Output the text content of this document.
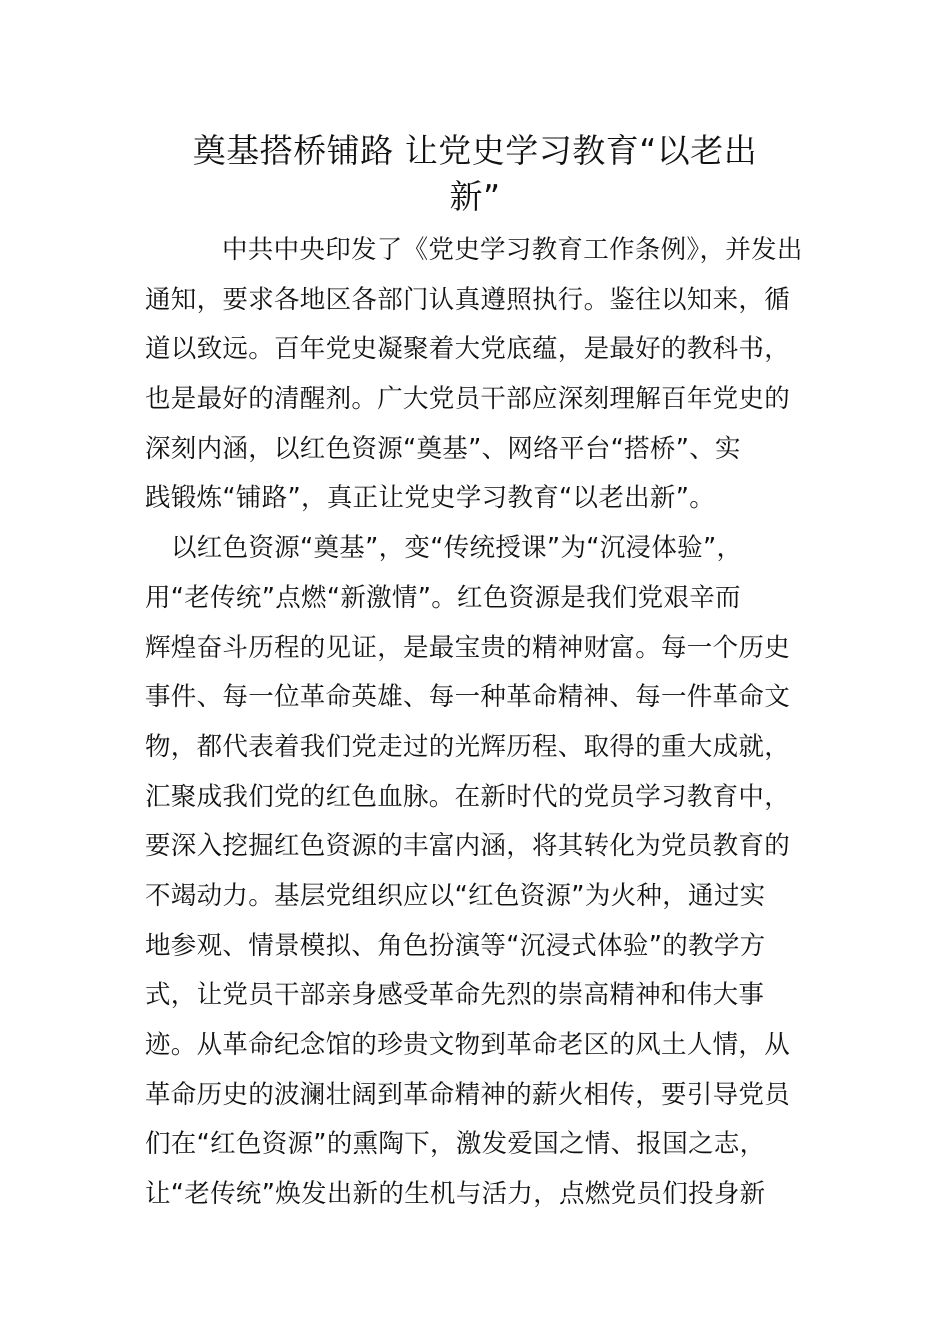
奠基搭桥铺路 让党史学习教育“以老出
新”
中共中央印发了《党史学习教育工作条例》，并发出
通知，要求各地区各部门认真遵照执行。鉴往以知来，循
道以致远。百年党史凝聚着大党底蕴，是最好的教科书，
也是最好的清醒剂。广大党员干部应深刻理解百年党史的
深刻内涵，以红色资源“奠基”、网络平台“搭桥”、实
践锻炼“铺路”，真正让党史学习教育“以老出新”。
以红色资源“奠基”，变“传统授课”为“沉浸体验”，
用“老传统”点燃“新激情”。红色资源是我们党艰辛而
辉煌奋斗历程的见证，是最宝贵的精神财富。每一个历史
事件、每一位革命英雄、每一种革命精神、每一件革命文
物，都代表着我们党走过的光辉历程、取得的重大成就，
汇聚成我们党的红色血脉。在新时代的党员学习教育中，
要深入挖掘红色资源的丰富内涵，将其转化为党员教育的
不竭动力。基层党组织应以“红色资源”为火种，通过实
地参观、情景模拟、角色扮演等“沉浸式体验”的教学方
式，让党员干部亲身感受革命先烈的崇高精神和伟大事
迹。从革命纪念馆的珍贵文物到革命老区的风土人情，从
革命历史的波澜壮阔到革命精神的薪火相传，要引导党员
们在“红色资源”的熏陶下，激发爱国之情、报国之志，
让“老传统”焕发出新的生机与活力，点燃党员们投身新
